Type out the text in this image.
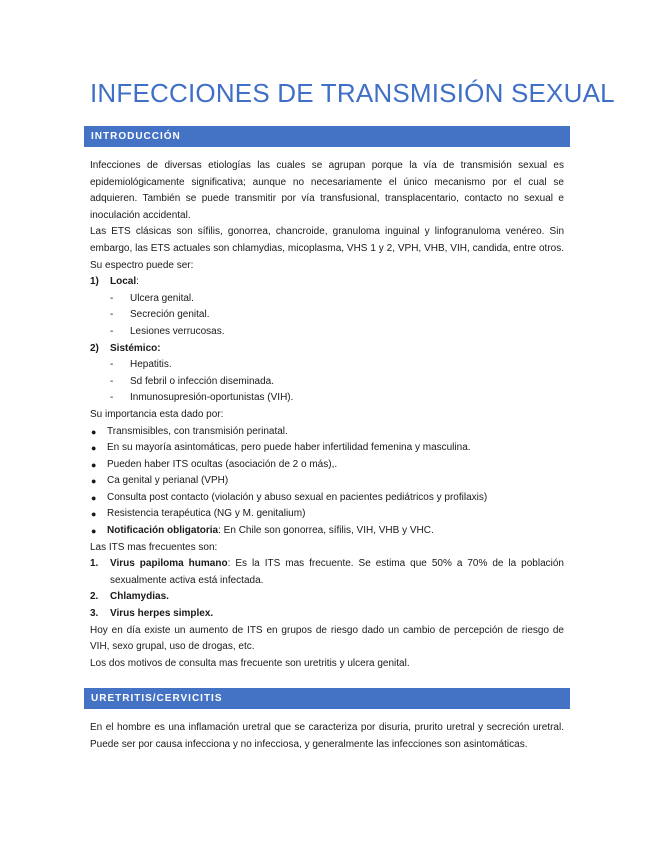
INFECCIONES DE TRANSMISIÓN SEXUAL
INTRODUCCIÓN

Infecciones de diversas etiologías las cuales se agrupan porque la vía de transmisión sexual es epidemiológicamente significativa; aunque no necesariamente el único mecanismo por el cual se adquieren. También se puede transmitir por vía transfusional, transplacentario, contacto no sexual e inoculación accidental.

Las ETS clásicas son sífilis, gonorrea, chancroide, granuloma inguinal y linfogranuloma venéreo. Sin embargo, las ETS actuales son chlamydias, micoplasma, VHS 1 y 2, VPH, VHB, VIH, candida, entre otros. Su espectro puede ser:

1) Local:
- Ulcera genital.
- Secreción genital.
- Lesiones verrucosas.
2) Sistémico:
- Hepatitis.
- Sd febril o infección diseminada.
- Inmunosupresión-oportunistas (VIH).

Su importancia esta dado por:

● Transmisibles, con transmisión perinatal.
● En su mayoría asintomáticas, pero puede haber infertilidad femenina y masculina.
● Pueden haber ITS ocultas (asociación de 2 o más),.
● Ca genital y perianal (VPH)
● Consulta post contacto (violación y abuso sexual en pacientes pediátricos y profilaxis)
● Resistencia terapéutica (NG y M. genitalium)
● Notificación obligatoria: En Chile son gonorrea, sífilis, VIH, VHB y VHC.

Las ITS mas frecuentes son:

1. Virus papiloma humano: Es la ITS mas frecuente. Se estima que 50% a 70% de la población sexualmente activa está infectada.
2. Chlamydias.
3. Virus herpes simplex.

Hoy en día existe un aumento de ITS en grupos de riesgo dado un cambio de percepción de riesgo de VIH, sexo grupal, uso de drogas, etc.

Los dos motivos de consulta mas frecuente son uretritis y ulcera genital.

URETRITIS/CERVICITIS

En el hombre es una inflamación uretral que se caracteriza por disuria, prurito uretral y secreción uretral. Puede ser por causa infecciona y no infecciosa, y generalmente las infecciones son asintomáticas.
